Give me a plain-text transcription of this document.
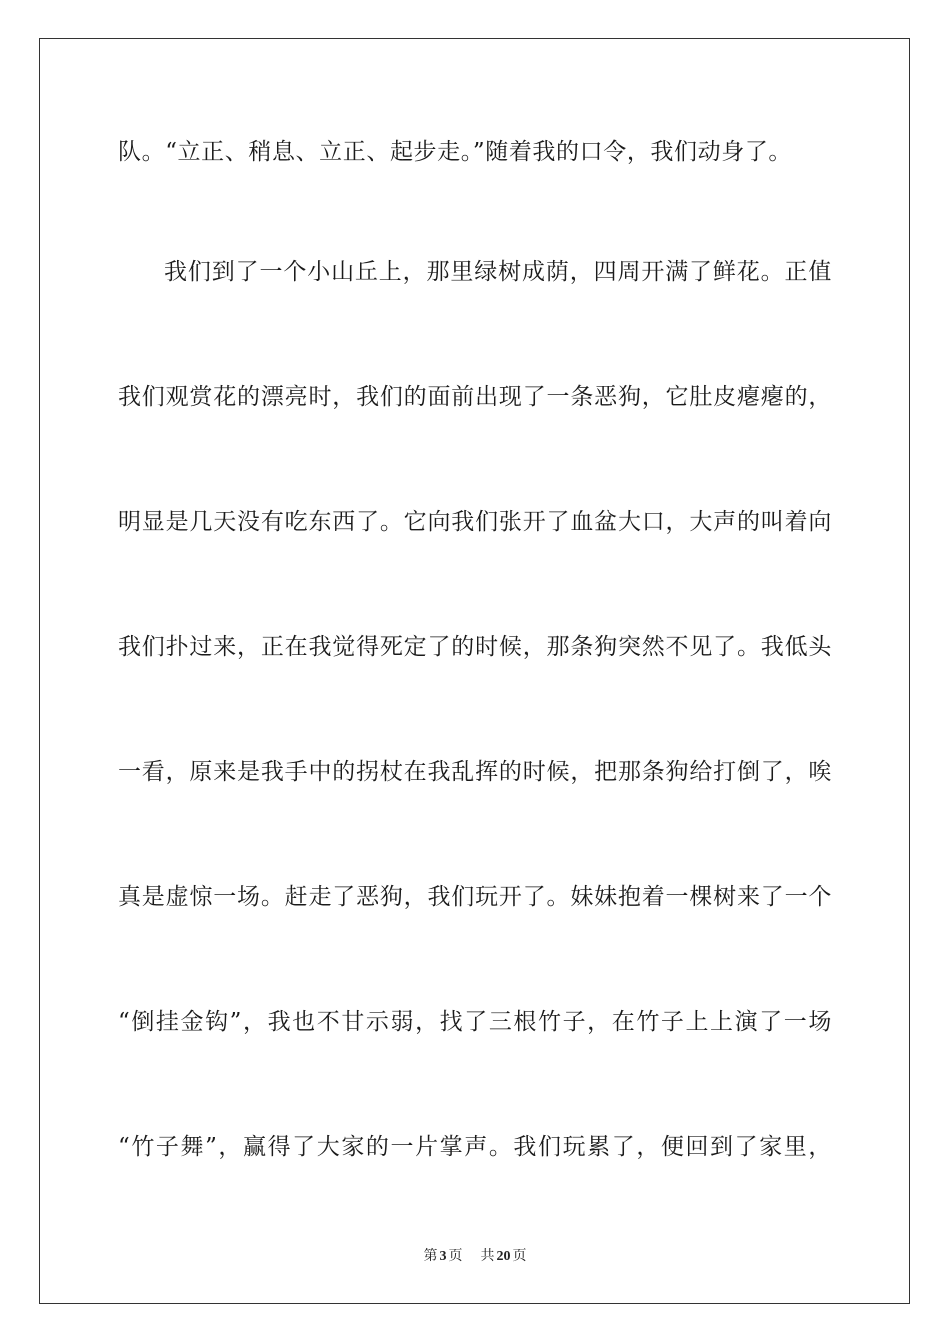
队。“立正、稍息、立正、起步走。”随着我的口令，我们动身了。
我们到了一个小山丘上，那里绿树成荫，四周开满了鲜花。正值
我们观赏花的漂亮时，我们的面前出现了一条恶狗，它肚皮瘪瘪的，
明显是几天没有吃东西了。它向我们张开了血盆大口，大声的叫着向
我们扑过来，正在我觉得死定了的时候，那条狗突然不见了。我低头
一看，原来是我手中的拐杖在我乱挥的时候，把那条狗给打倒了，唉
真是虚惊一场。赶走了恶狗，我们玩开了。妹妹抱着一棵树来了一个
“倒挂金钩”，我也不甘示弱，找了三根竹子，在竹子上上演了一场
“竹子舞”，赢得了大家的一片掌声。我们玩累了，便回到了家里，
第 3 页 共 20 页
